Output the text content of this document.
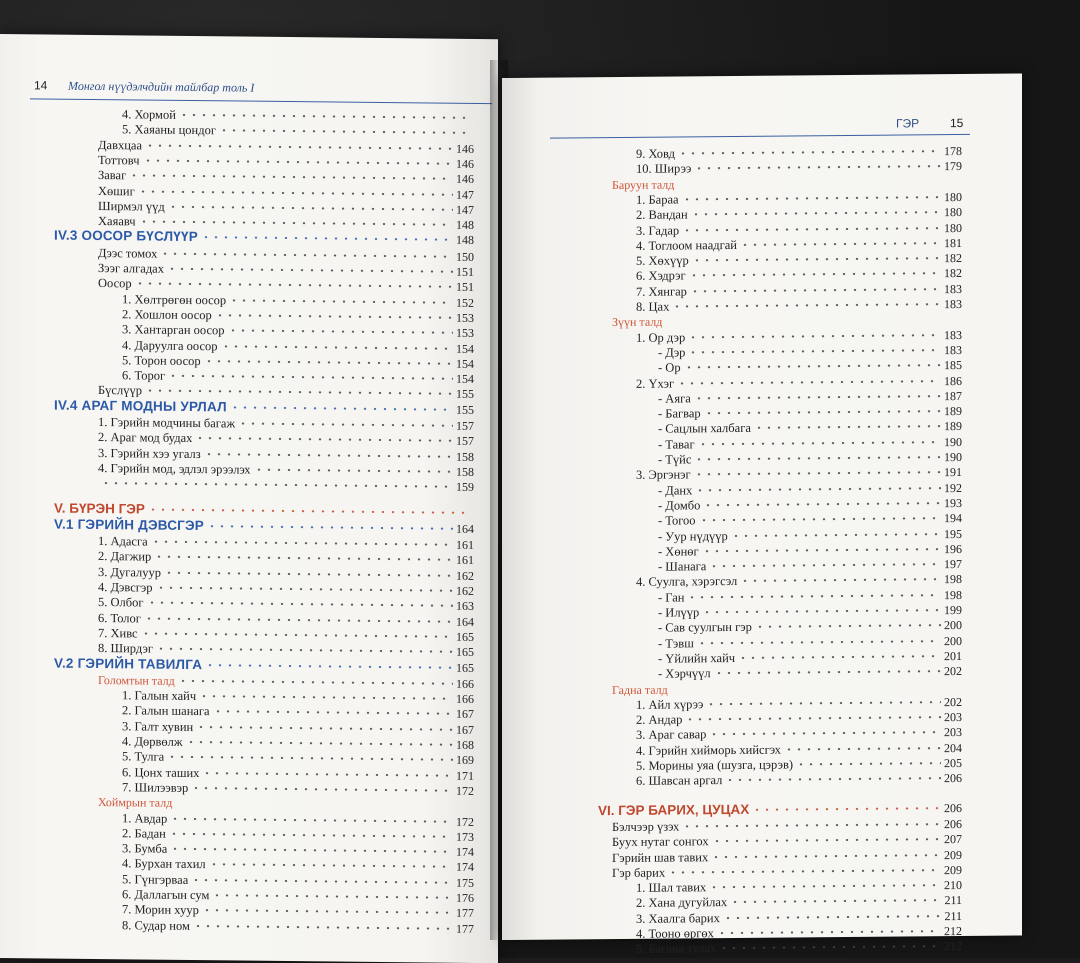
14 Монгол нүүдэлчдийн тайлбар толь I
4. Хормой
5. Хаяаны цондог
Давхцаа	146
Тоттовч	146
Заваг	146
Хөшиг	147
Ширмэл үүд	147
Хаяавч	148
IV.3 ООСОР БҮСЛҮҮР	148
Дээс томох	150
Зээг алгадах	151
Оосор	151
1. Хөлтрөгөн оосор	152
2. Хошлон оосор	153
3. Хантарган оосор	153
4. Даруулга оосор	154
5. Торон оосор	154
6. Торог	154
Бүслүүр	155
IV.4 АРАГ МОДНЫ УРЛАЛ	155
1. Гэрийн модчины багаж	157
2. Араг мод будах	157
3. Гэрийн хээ угалз	158
4. Гэрийн мод, эдлэл эрээлэх	158
159
V. БҮРЭН ГЭР
V.1 ГЭРИЙН ДЭВСГЭР	164
1. Адасга	161
2. Дагжир	161
3. Дугалуур	162
4. Дэвсгэр	162
5. Олбог	163
6. Толог	164
7. Хивс	165
8. Ширдэг	165
V.2 ГЭРИЙН ТАВИЛГА	165
Голомтын талд	166
1. Галын хайч	166
2. Галын шанага	167
3. Галт хувин	167
4. Дөрвөлж	168
5. Тулга	169
6. Цонх таших	171
7. Шилээвэр	172
Хоймрын талд
1. Авдар	172
2. Бадан	173
3. Бумба	174
4. Бурхан тахил	174
5. Гүнгэрваа	175
6. Даллагын сум	176
7. Морин хуур	177
8. Судар ном	177
ГЭР	15
9. Ховд	178
10. Ширээ	179
Баруун талд
1. Бараа	180
2. Вандан	180
3. Гадар	180
4. Тоглоом наадгай	181
5. Хөхүүр	182
6. Хэдрэг	182
7. Хянгар	183
8. Цах	183
Зүүн талд
1. Ор дэр	183
- Дэр	183
- Ор	185
2. Үхэг	186
- Аяга	187
- Багвар	189
- Сацлын халбага	189
- Таваг	190
- Түйс	190
3. Эргэнэг	191
- Данх	192
- Домбо	193
- Тогоо	194
- Уур нүдүүр	195
- Хөнөг	196
- Шанага	197
4. Суулга, хэрэгсэл	198
- Ган	198
- Илүүр	199
- Сав суулгын гэр	200
- Тэвш	200
- Үйлийн хайч	201
- Хэрчүүл	202
Гадна талд
1. Айл хүрээ	202
2. Андар	203
3. Араг савар	203
4. Гэрийн хийморь хийсгэх	204
5. Морины уяа (шузга, цэрэв)	205
6. Шавсан аргал	206
VI. ГЭР БАРИХ, ЦУЦАХ	206
Бэлчээр үзэх	206
Буух нутаг сонгох	207
Гэрийн шав тавих	209
Гэр барих	209
1. Шал тавих	210
2. Хана дугуйлах	211
3. Хаалга барих	211
4. Тооно өргөх	212
5. Багана тулах	212
